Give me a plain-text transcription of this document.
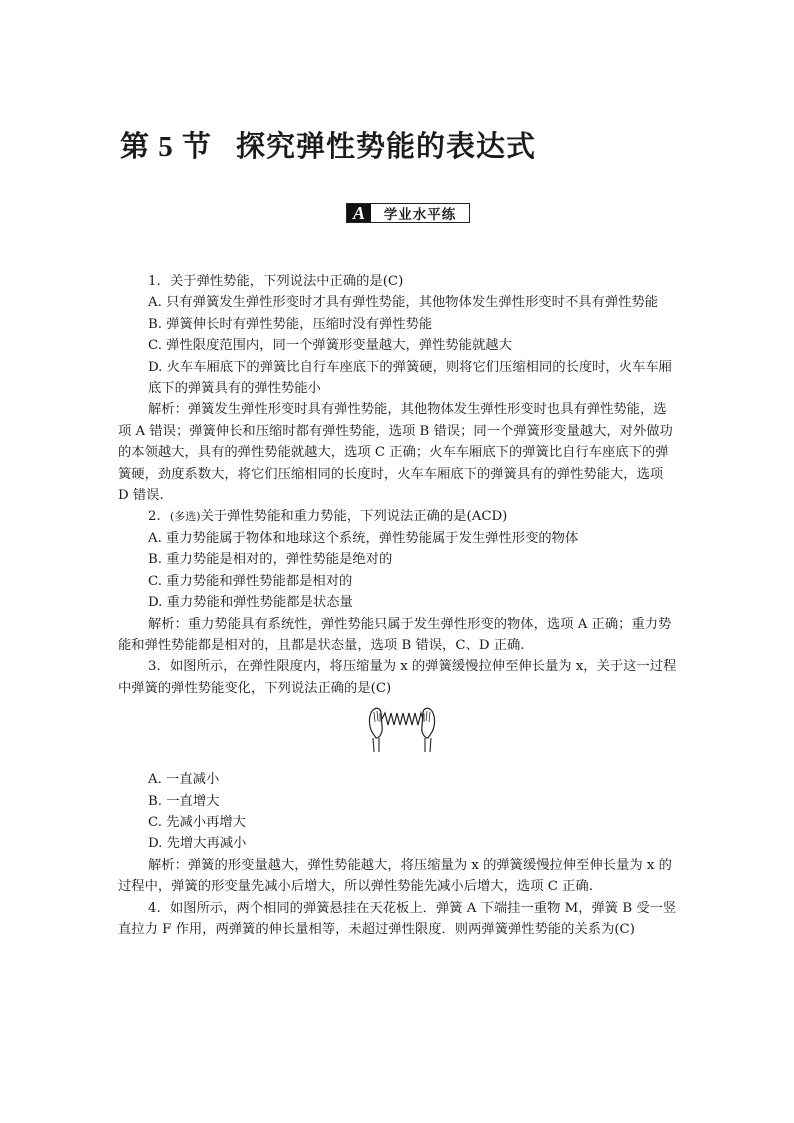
第 5 节 探究弹性势能的表达式
A	学业水平练

1. 关于弹性势能，下列说法中正确的是(C)

A. 只有弹簧发生弹性形变时才具有弹性势能，其他物体发生弹性形变时不具有弹性势能

B. 弹簧伸长时有弹性势能，压缩时没有弹性势能

C. 弹性限度范围内，同一个弹簧形变量越大，弹性势能就越大

D. 火车车厢底下的弹簧比自行车座底下的弹簧硬，则将它们压缩相同的长度时，火车车厢底下的弹簧具有的弹性势能小

解析：弹簧发生弹性形变时具有弹性势能，其他物体发生弹性形变时也具有弹性势能，选项 A 错误；弹簧伸长和压缩时都有弹性势能，选项 B 错误；同一个弹簧形变量越大，对外做功的本领越大，具有的弹性势能就越大，选项 C 正确；火车车厢底下的弹簧比自行车座底下的弹簧硬，劲度系数大，将它们压缩相同的长度时，火车车厢底下的弹簧具有的弹性势能大，选项 D 错误.

2. (多选)关于弹性势能和重力势能，下列说法正确的是(ACD)

A. 重力势能属于物体和地球这个系统，弹性势能属于发生弹性形变的物体

B. 重力势能是相对的，弹性势能是绝对的

C. 重力势能和弹性势能都是相对的

D. 重力势能和弹性势能都是状态量

解析：重力势能具有系统性，弹性势能只属于发生弹性形变的物体，选项 A 正确；重力势能和弹性势能都是相对的，且都是状态量，选项 B 错误，C、D 正确.

3. 如图所示，在弹性限度内，将压缩量为 x 的弹簧缓慢拉伸至伸长量为 x，关于这一过程中弹簧的弹性势能变化，下列说法正确的是(C)

A. 一直减小

B. 一直增大

C. 先减小再增大

D. 先增大再减小

解析：弹簧的形变量越大，弹性势能越大，将压缩量为 x 的弹簧缓慢拉伸至伸长量为 x 的过程中，弹簧的形变量先减小后增大，所以弹性势能先减小后增大，选项 C 正确.

4. 如图所示，两个相同的弹簧悬挂在天花板上．弹簧 A 下端挂一重物 M，弹簧 B 受一竖直拉力 F 作用，两弹簧的伸长量相等，未超过弹性限度．则两弹簧弹性势能的关系为(C)
